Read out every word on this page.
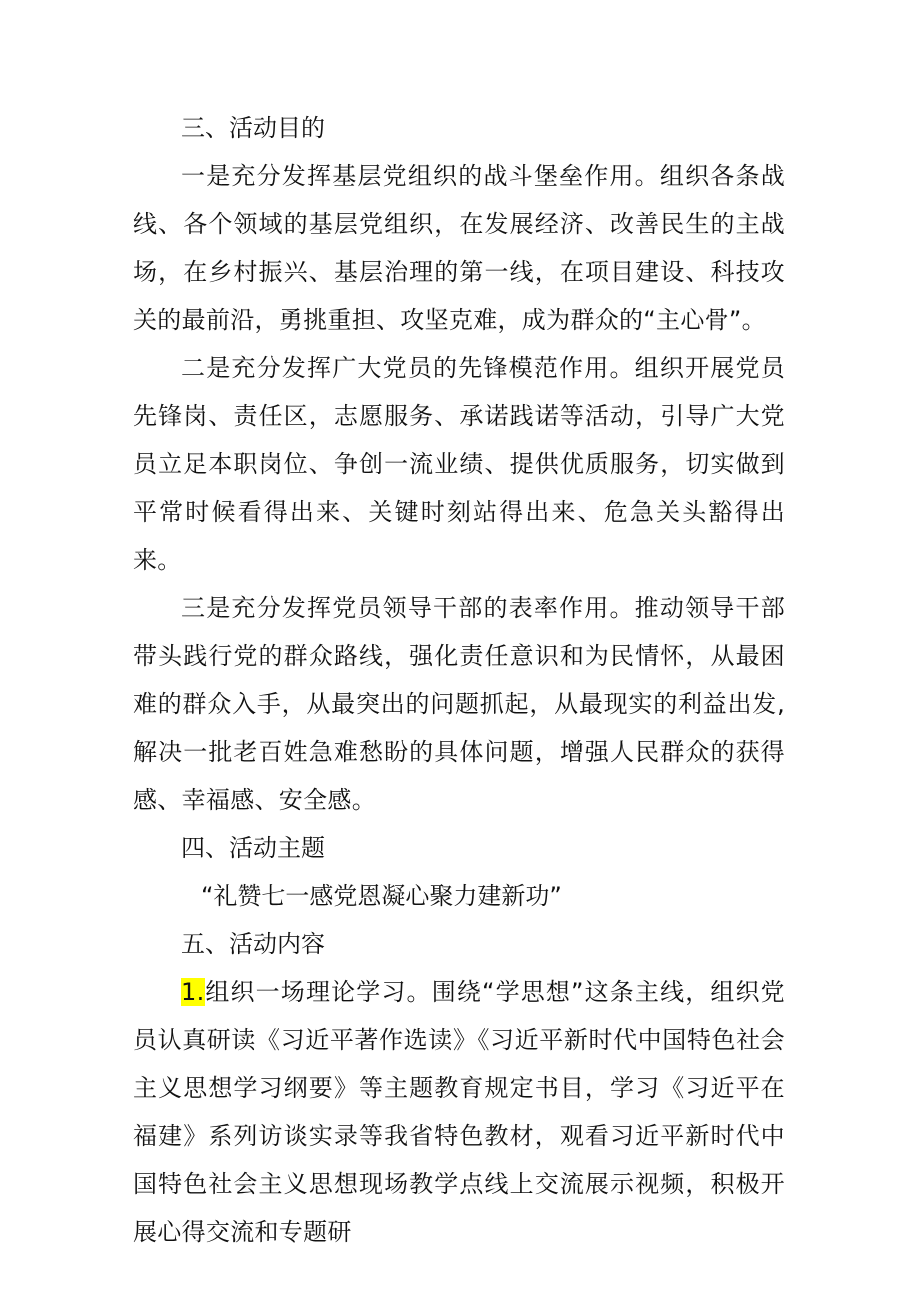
三、活动目的

一是充分发挥基层党组织的战斗堡垒作用。组织各条战线、各个领域的基层党组织，在发展经济、改善民生的主战场，在乡村振兴、基层治理的第一线，在项目建设、科技攻关的最前沿，勇挑重担、攻坚克难，成为群众的“主心骨”。

二是充分发挥广大党员的先锋模范作用。组织开展党员先锋岗、责任区，志愿服务、承诺践诺等活动，引导广大党员立足本职岗位、争创一流业绩、提供优质服务，切实做到平常时候看得出来、关键时刻站得出来、危急关头豁得出来。

三是充分发挥党员领导干部的表率作用。推动领导干部带头践行党的群众路线，强化责任意识和为民情怀，从最困难的群众入手，从最突出的问题抓起，从最现实的利益出发,解决一批老百姓急难愁盼的具体问题，增强人民群众的获得感、幸福感、安全感。

四、活动主题

“礼赞七一感党恩凝心聚力建新功”

五、活动内容

1.组织一场理论学习。围绕“学思想”这条主线，组织党员认真研读《习近平著作选读》《习近平新时代中国特色社会主义思想学习纲要》等主题教育规定书目，学习《习近平在福建》系列访谈实录等我省特色教材，观看习近平新时代中国特色社会主义思想现场教学点线上交流展示视频，积极开展心得交流和专题研
